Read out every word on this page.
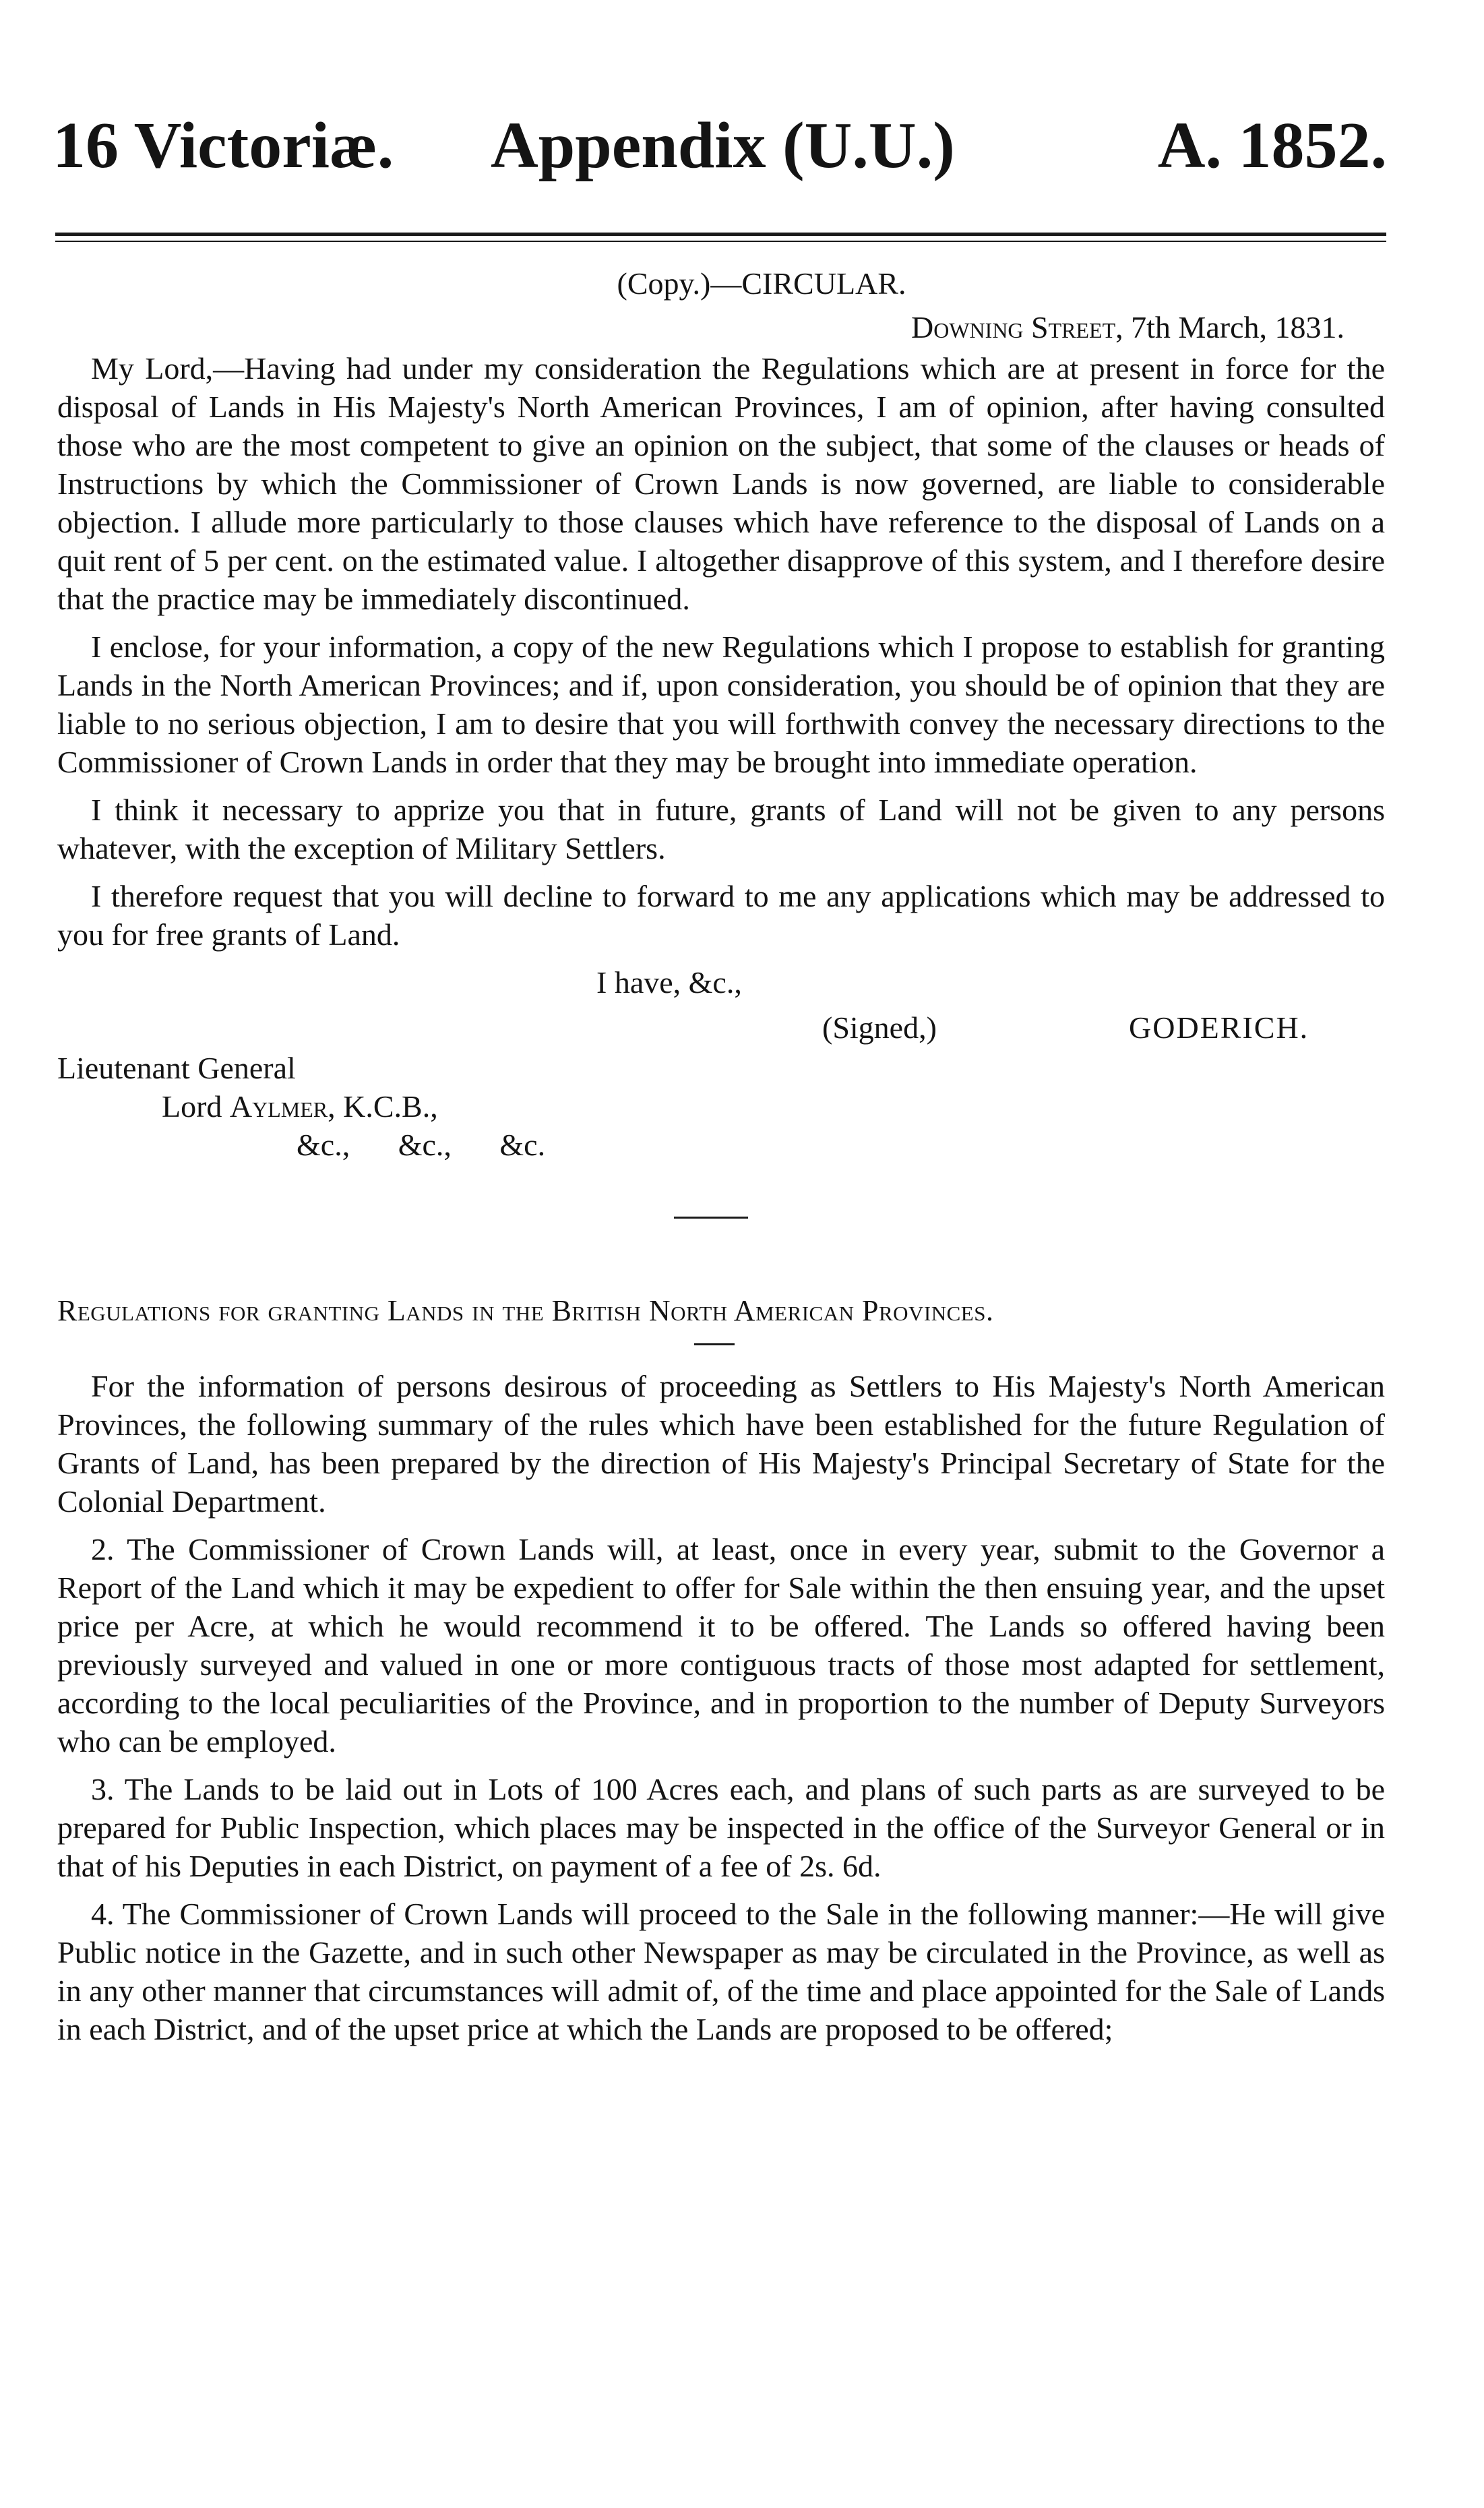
16 Victoriæ. Appendix (U.U.)	A. 1852.
(Copy.)—CIRCULAR.
Downing Street, 7th March, 1831.

My Lord,—Having had under my consideration the Regulations which are at present in force for the disposal of Lands in His Majesty's North American Provinces, I am of opinion, after having consulted those who are the most competent to give an opinion on the subject, that some of the clauses or heads of Instructions by which the Commissioner of Crown Lands is now governed, are liable to considerable objection. I allude more particularly to those clauses which have reference to the disposal of Lands on a quit rent of 5 per cent. on the estimated value. I altogether disapprove of this system, and I therefore desire that the practice may be immediately discontinued.

I enclose, for your information, a copy of the new Regulations which I propose to establish for granting Lands in the North American Provinces; and if, upon consideration, you should be of opinion that they are liable to no serious objection, I am to desire that you will forthwith convey the necessary directions to the Commissioner of Crown Lands in order that they may be brought into immediate operation.

I think it necessary to apprize you that in future, grants of Land will not be given to any persons whatever, with the exception of Military Settlers.

I therefore request that you will decline to forward to me any applications which may be addressed to you for free grants of Land.

I have, &c.,

(Signed,)	GODERICH.

Lieutenant General

Lord Aylmer, K.C.B.,

&c., &c., &c.

Regulations for granting Lands in the British North American Provinces.

For the information of persons desirous of proceeding as Settlers to His Majesty's North American Provinces, the following summary of the rules which have been established for the future Regulation of Grants of Land, has been prepared by the direction of His Majesty's Principal Secretary of State for the Colonial Department.

2. The Commissioner of Crown Lands will, at least, once in every year, submit to the Governor a Report of the Land which it may be expedient to offer for Sale within the then ensuing year, and the upset price per Acre, at which he would recommend it to be offered. The Lands so offered having been previously surveyed and valued in one or more contiguous tracts of those most adapted for settlement, according to the local peculiarities of the Province, and in proportion to the number of Deputy Surveyors who can be employed.

3. The Lands to be laid out in Lots of 100 Acres each, and plans of such parts as are surveyed to be prepared for Public Inspection, which places may be inspected in the office of the Surveyor General or in that of his Deputies in each District, on payment of a fee of 2s. 6d.

4. The Commissioner of Crown Lands will proceed to the Sale in the following manner:—He will give Public notice in the Gazette, and in such other Newspaper as may be circulated in the Province, as well as in any other manner that circumstances will admit of, of the time and place appointed for the Sale of Lands in each District, and of the upset price at which the Lands are proposed to be offered;
